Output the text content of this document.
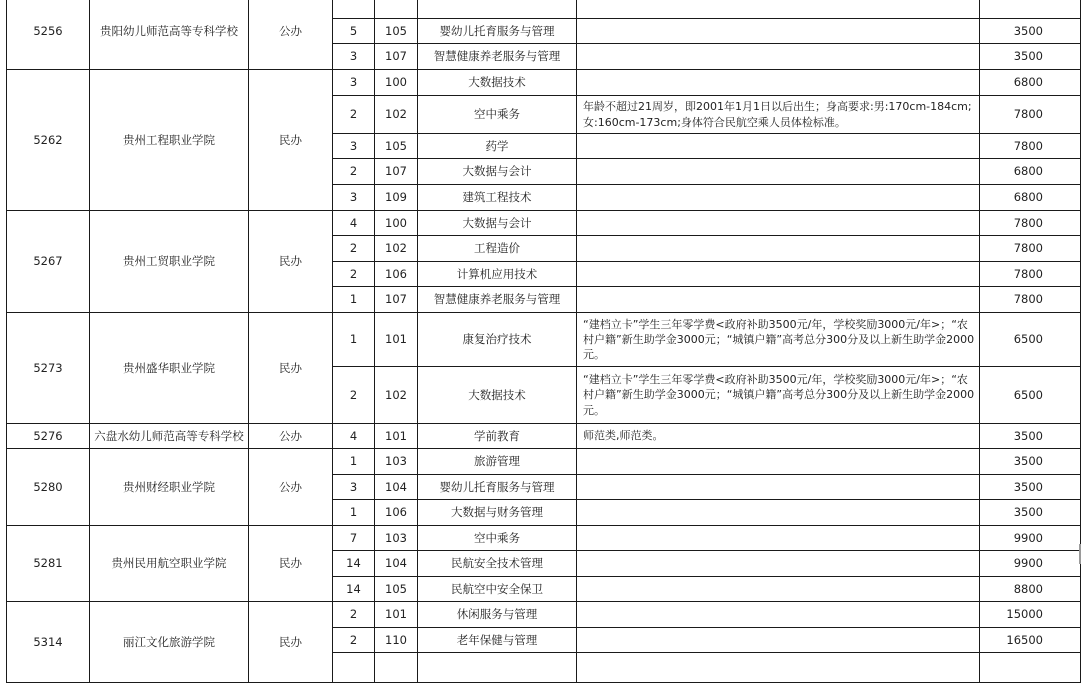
5256	贵阳幼儿师范高等专科学校	公办					
			5	105	婴幼儿托育服务与管理		3500
			3	107	智慧健康养老服务与管理		3500
5262	贵州工程职业学院	民办	3	100	大数据技术		6800
			2	102	空中乘务	年龄不超过21周岁，即2001年1月1日以后出生；身高要求:男:170cm-184cm;女:160cm-173cm;身体符合民航空乘人员体检标准。	7800
			3	105	药学		7800
			2	107	大数据与会计		6800
			3	109	建筑工程技术		6800
5267	贵州工贸职业学院	民办	4	100	大数据与会计		7800
			2	102	工程造价		7800
			2	106	计算机应用技术		7800
			1	107	智慧健康养老服务与管理		7800
5273	贵州盛华职业学院	民办	1	101	康复治疗技术	“建档立卡”学生三年零学费<政府补助3500元/年，学校奖励3000元/年>；“农村户籍”新生助学金3000元；“城镇户籍”高考总分300分及以上新生助学金2000元。	6500
			2	102	大数据技术	“建档立卡”学生三年零学费<政府补助3500元/年，学校奖励3000元/年>；“农村户籍”新生助学金3000元；“城镇户籍”高考总分300分及以上新生助学金2000元。	6500
5276	六盘水幼儿师范高等专科学校	公办	4	101	学前教育	师范类,师范类。	3500
5280	贵州财经职业学院	公办	1	103	旅游管理		3500
			3	104	婴幼儿托育服务与管理		3500
			1	106	大数据与财务管理		3500
5281	贵州民用航空职业学院	民办	7	103	空中乘务		9900
			14	104	民航安全技术管理		9900
			14	105	民航空中安全保卫		8800
5314	丽江文化旅游学院	民办	2	101	休闲服务与管理		15000
			2	110	老年保健与管理		16500
